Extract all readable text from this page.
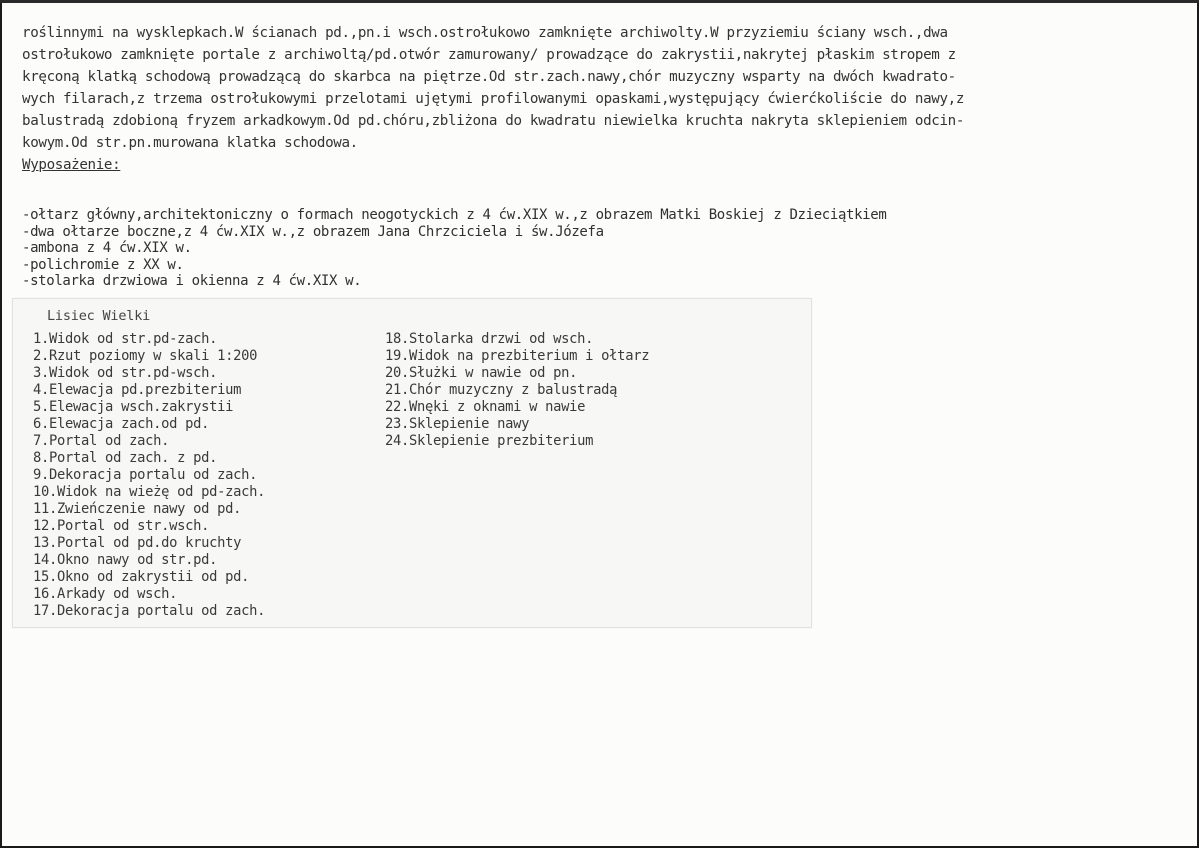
roślinnymi na wysklepkach.W ścianach pd.,pn.i wsch.ostrołukowo zamknięte archiwolty.W przyziemiu ściany wsch.,dwa
ostrołukowo zamknięte portale z archiwoltą/pd.otwór zamurowany/ prowadzące do zakrystii,nakrytej płaskim stropem z
kręconą klatką schodową prowadzącą do skarbca na piętrze.Od str.zach.nawy,chór muzyczny wsparty na dwóch kwadrato-
wych filarach,z trzema ostrołukowymi przelotami ujętymi profilowanymi opaskami,występujący ćwierćkoliście do nawy,z
balustradą zdobioną fryzem arkadkowym.Od pd.chóru,zbliżona do kwadratu niewielka kruchta nakryta sklepieniem odcin-
kowym.Od str.pn.murowana klatka schodowa.
Wyposażenie:
-ołtarz główny,architektoniczny o formach neogotyckich z 4 ćw.XIX w.,z obrazem Matki Boskiej z Dzieciątkiem
-dwa ołtarze boczne,z 4 ćw.XIX w.,z obrazem Jana Chrzciciela i św.Józefa
-ambona z 4 ćw.XIX w.
-polichromie z XX w.
-stolarka drzwiowa i okienna z 4 ćw.XIX w.
Lisiec Wielki
1.Widok od str.pd-zach.
2.Rzut poziomy w skali 1:200
3.Widok od str.pd-wsch.
4.Elewacja pd.prezbiterium
5.Elewacja wsch.zakrystii
6.Elewacja zach.od pd.
7.Portal od zach.
8.Portal od zach. z pd.
9.Dekoracja portalu od zach.
10.Widok na wieżę od pd-zach.
11.Zwieńczenie nawy od pd.
12.Portal od str.wsch.
13.Portal od pd.do kruchty
14.Okno nawy od str.pd.
15.Okno od zakrystii od pd.
16.Arkady od wsch.
17.Dekoracja portalu od zach.
18.Stolarka drzwi od wsch.
19.Widok na prezbiterium i ołtarz
20.Służki w nawie od pn.
21.Chór muzyczny z balustradą
22.Wnęki z oknami w nawie
23.Sklepienie nawy
24.Sklepienie prezbiterium
